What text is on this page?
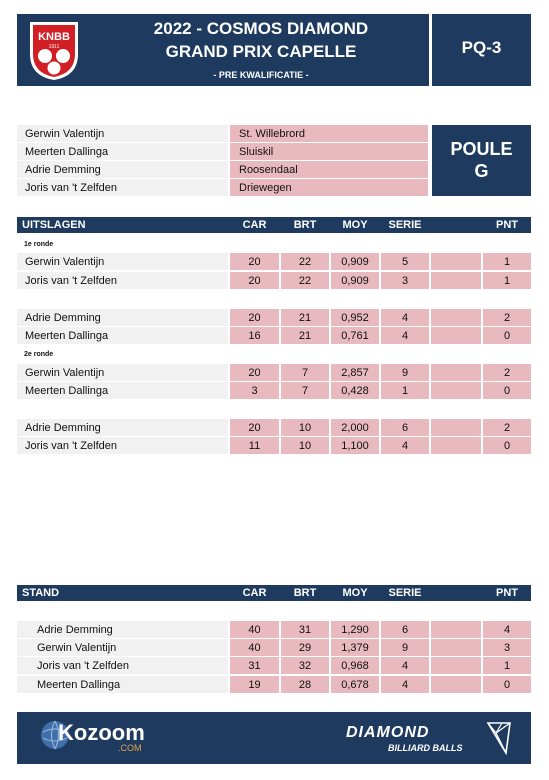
KNBB
1911
2022 - COSMOS DIAMOND
GRAND PRIX CAPELLE
- PRE KWALIFICATIE -
PQ-3
Gerwin Valentijn	St. Willebrord
Meerten Dallinga	Sluiskil
Adrie Demming	Roosendaal
Joris van 't Zelfden	Driewegen
POULE
G
UITSLAGEN	CAR	BRT	MOY	SERIE	PNT
1e ronde
2e ronde
Gerwin Valentijn	20	22	0,909	5	1
Joris van 't Zelfden	20	22	0,909	3	1
Adrie Demming	20	21	0,952	4	2
Meerten Dallinga	16	21	0,761	4	0
Gerwin Valentijn	20	7	2,857	9	2
Meerten Dallinga	3	7	0,428	1	0
Adrie Demming	20	10	2,000	6	2
Joris van 't Zelfden	11	10	1,100	4	0
STAND	CAR	BRT	MOY	SERIE	PNT
Adrie Demming	40	31	1,290	6	4
Gerwin Valentijn	40	29	1,379	9	3
Joris van 't Zelfden	31	32	0,968	4	1
Meerten Dallinga	19	28	0,678	4	0
Kozoom
.COM
DIAMOND
BILLIARD BALLS
